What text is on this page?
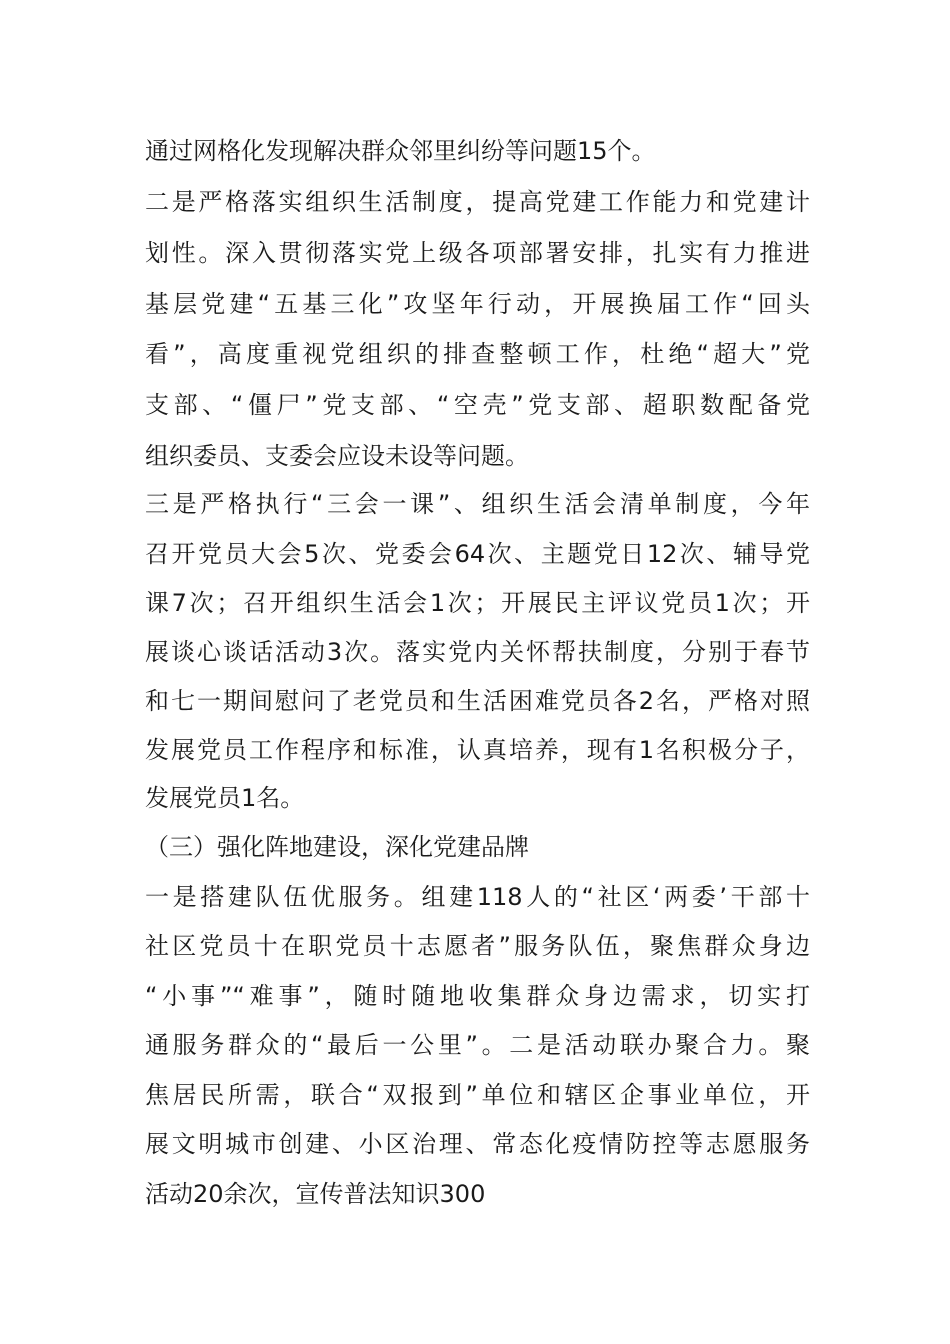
通过网格化发现解决群众邻里纠纷等问题15个。
二是严格落实组织生活制度，提高党建工作能力和党建计
划性。深入贯彻落实党上级各项部署安排，扎实有力推进
基层党建“五基三化”攻坚年行动，开展换届工作“回头
看”，高度重视党组织的排查整顿工作，杜绝“超大”党
支部、“僵尸”党支部、“空壳”党支部、超职数配备党
组织委员、支委会应设未设等问题。
三是严格执行“三会一课”、组织生活会清单制度，今年
召开党员大会5次、党委会64次、主题党日12次、辅导党
课7次；召开组织生活会1次；开展民主评议党员1次；开
展谈心谈话活动3次。落实党内关怀帮扶制度，分别于春节
和七一期间慰问了老党员和生活困难党员各2名，严格对照
发展党员工作程序和标准，认真培养，现有1名积极分子，
发展党员1名。
（三）强化阵地建设，深化党建品牌
一是搭建队伍优服务。组建118人的“社区‘两委’干部十
社区党员十在职党员十志愿者”服务队伍，聚焦群众身边
“小事”“难事”，随时随地收集群众身边需求，切实打
通服务群众的“最后一公里”。二是活动联办聚合力。聚
焦居民所需，联合“双报到”单位和辖区企事业单位，开
展文明城市创建、小区治理、常态化疫情防控等志愿服务
活动20余次，宣传普法知识300
